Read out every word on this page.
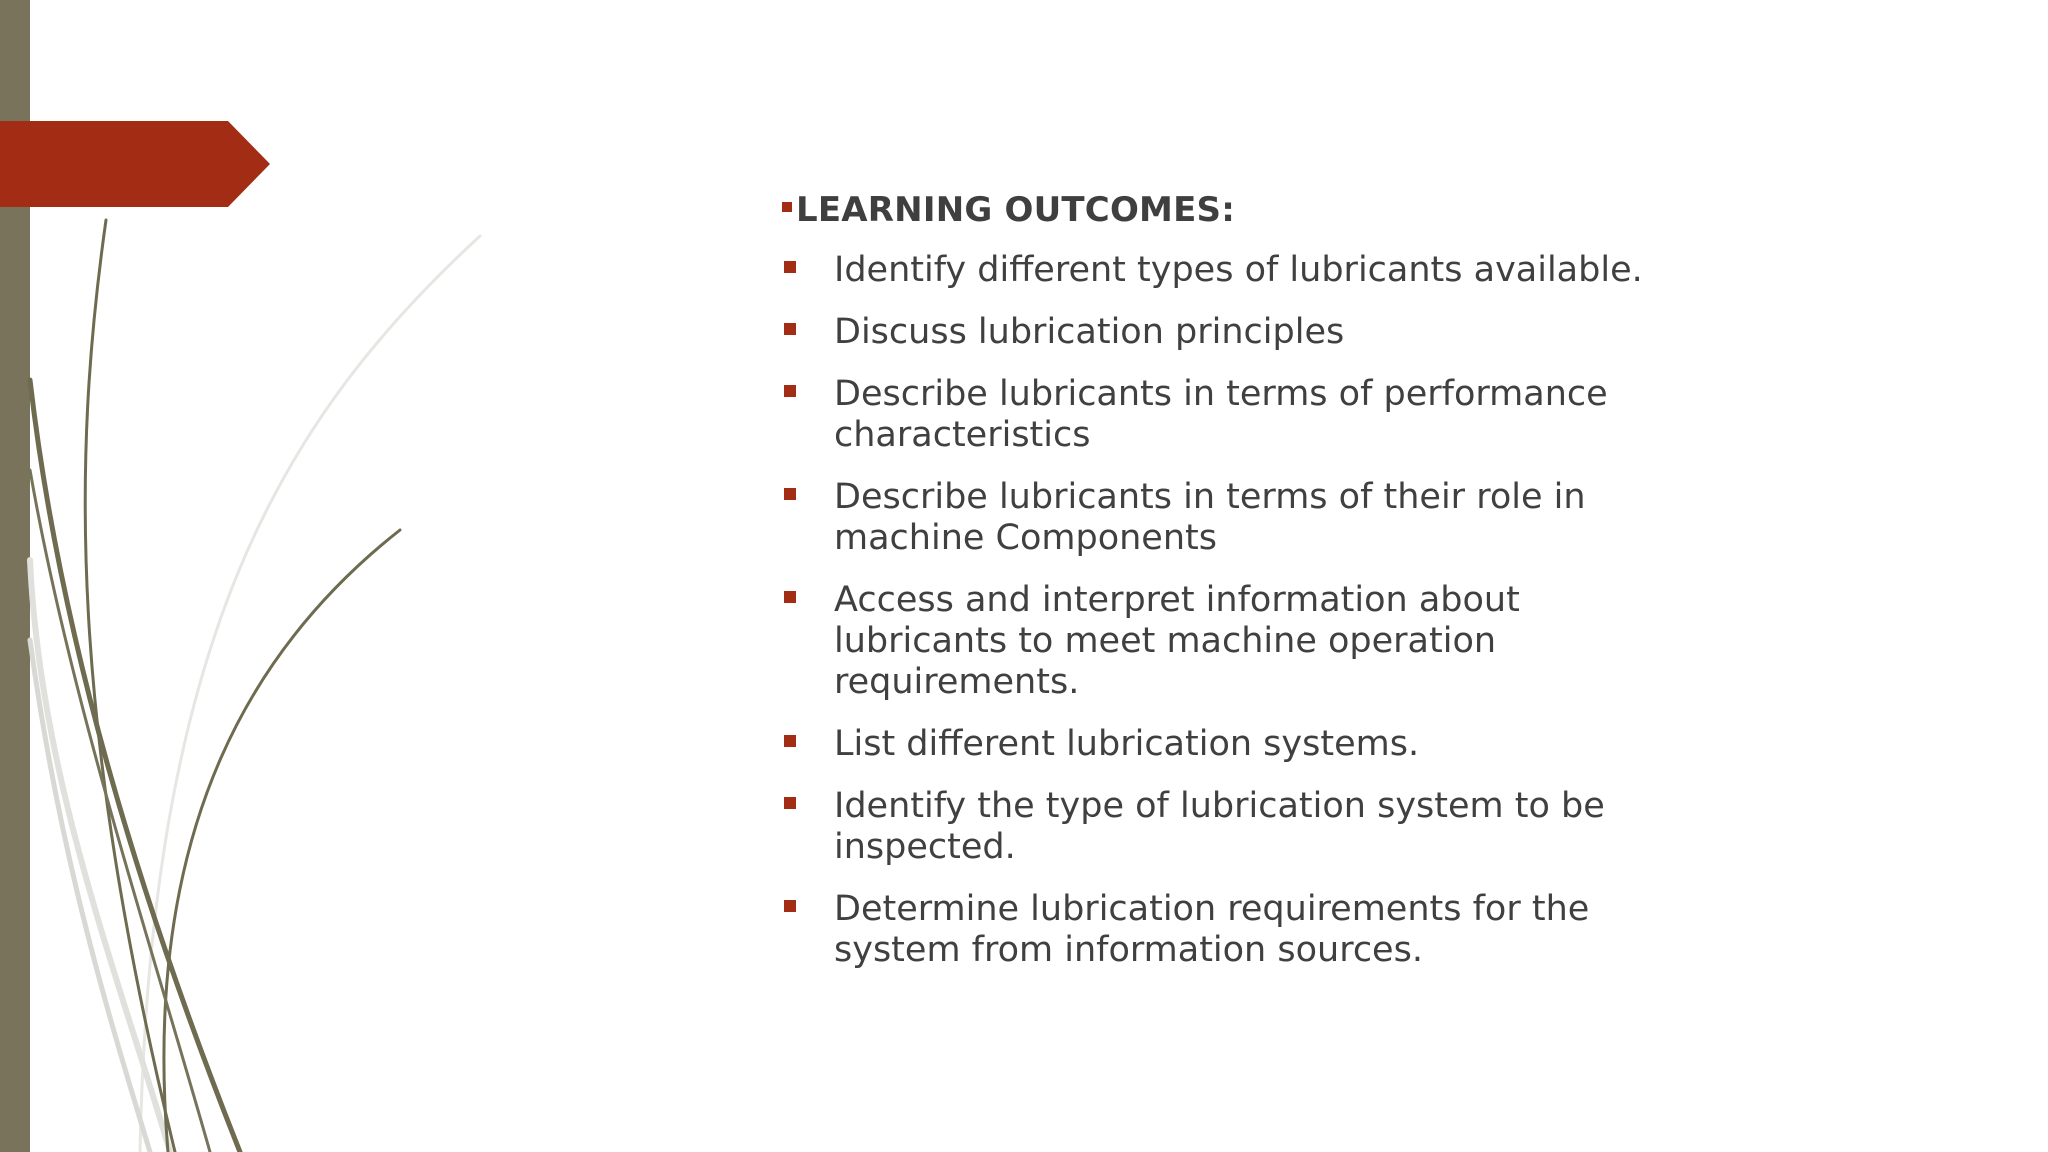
LEARNING OUTCOMES:
Identify different types of lubricants available.
Discuss lubrication principles
Describe lubricants in terms of performance
characteristics
Describe lubricants in terms of their role in
machine Components
Access and interpret information about
lubricants to meet machine operation
requirements.
List different lubrication systems.
Identify the type of lubrication system to be
inspected.
Determine lubrication requirements for the
system from information sources.
